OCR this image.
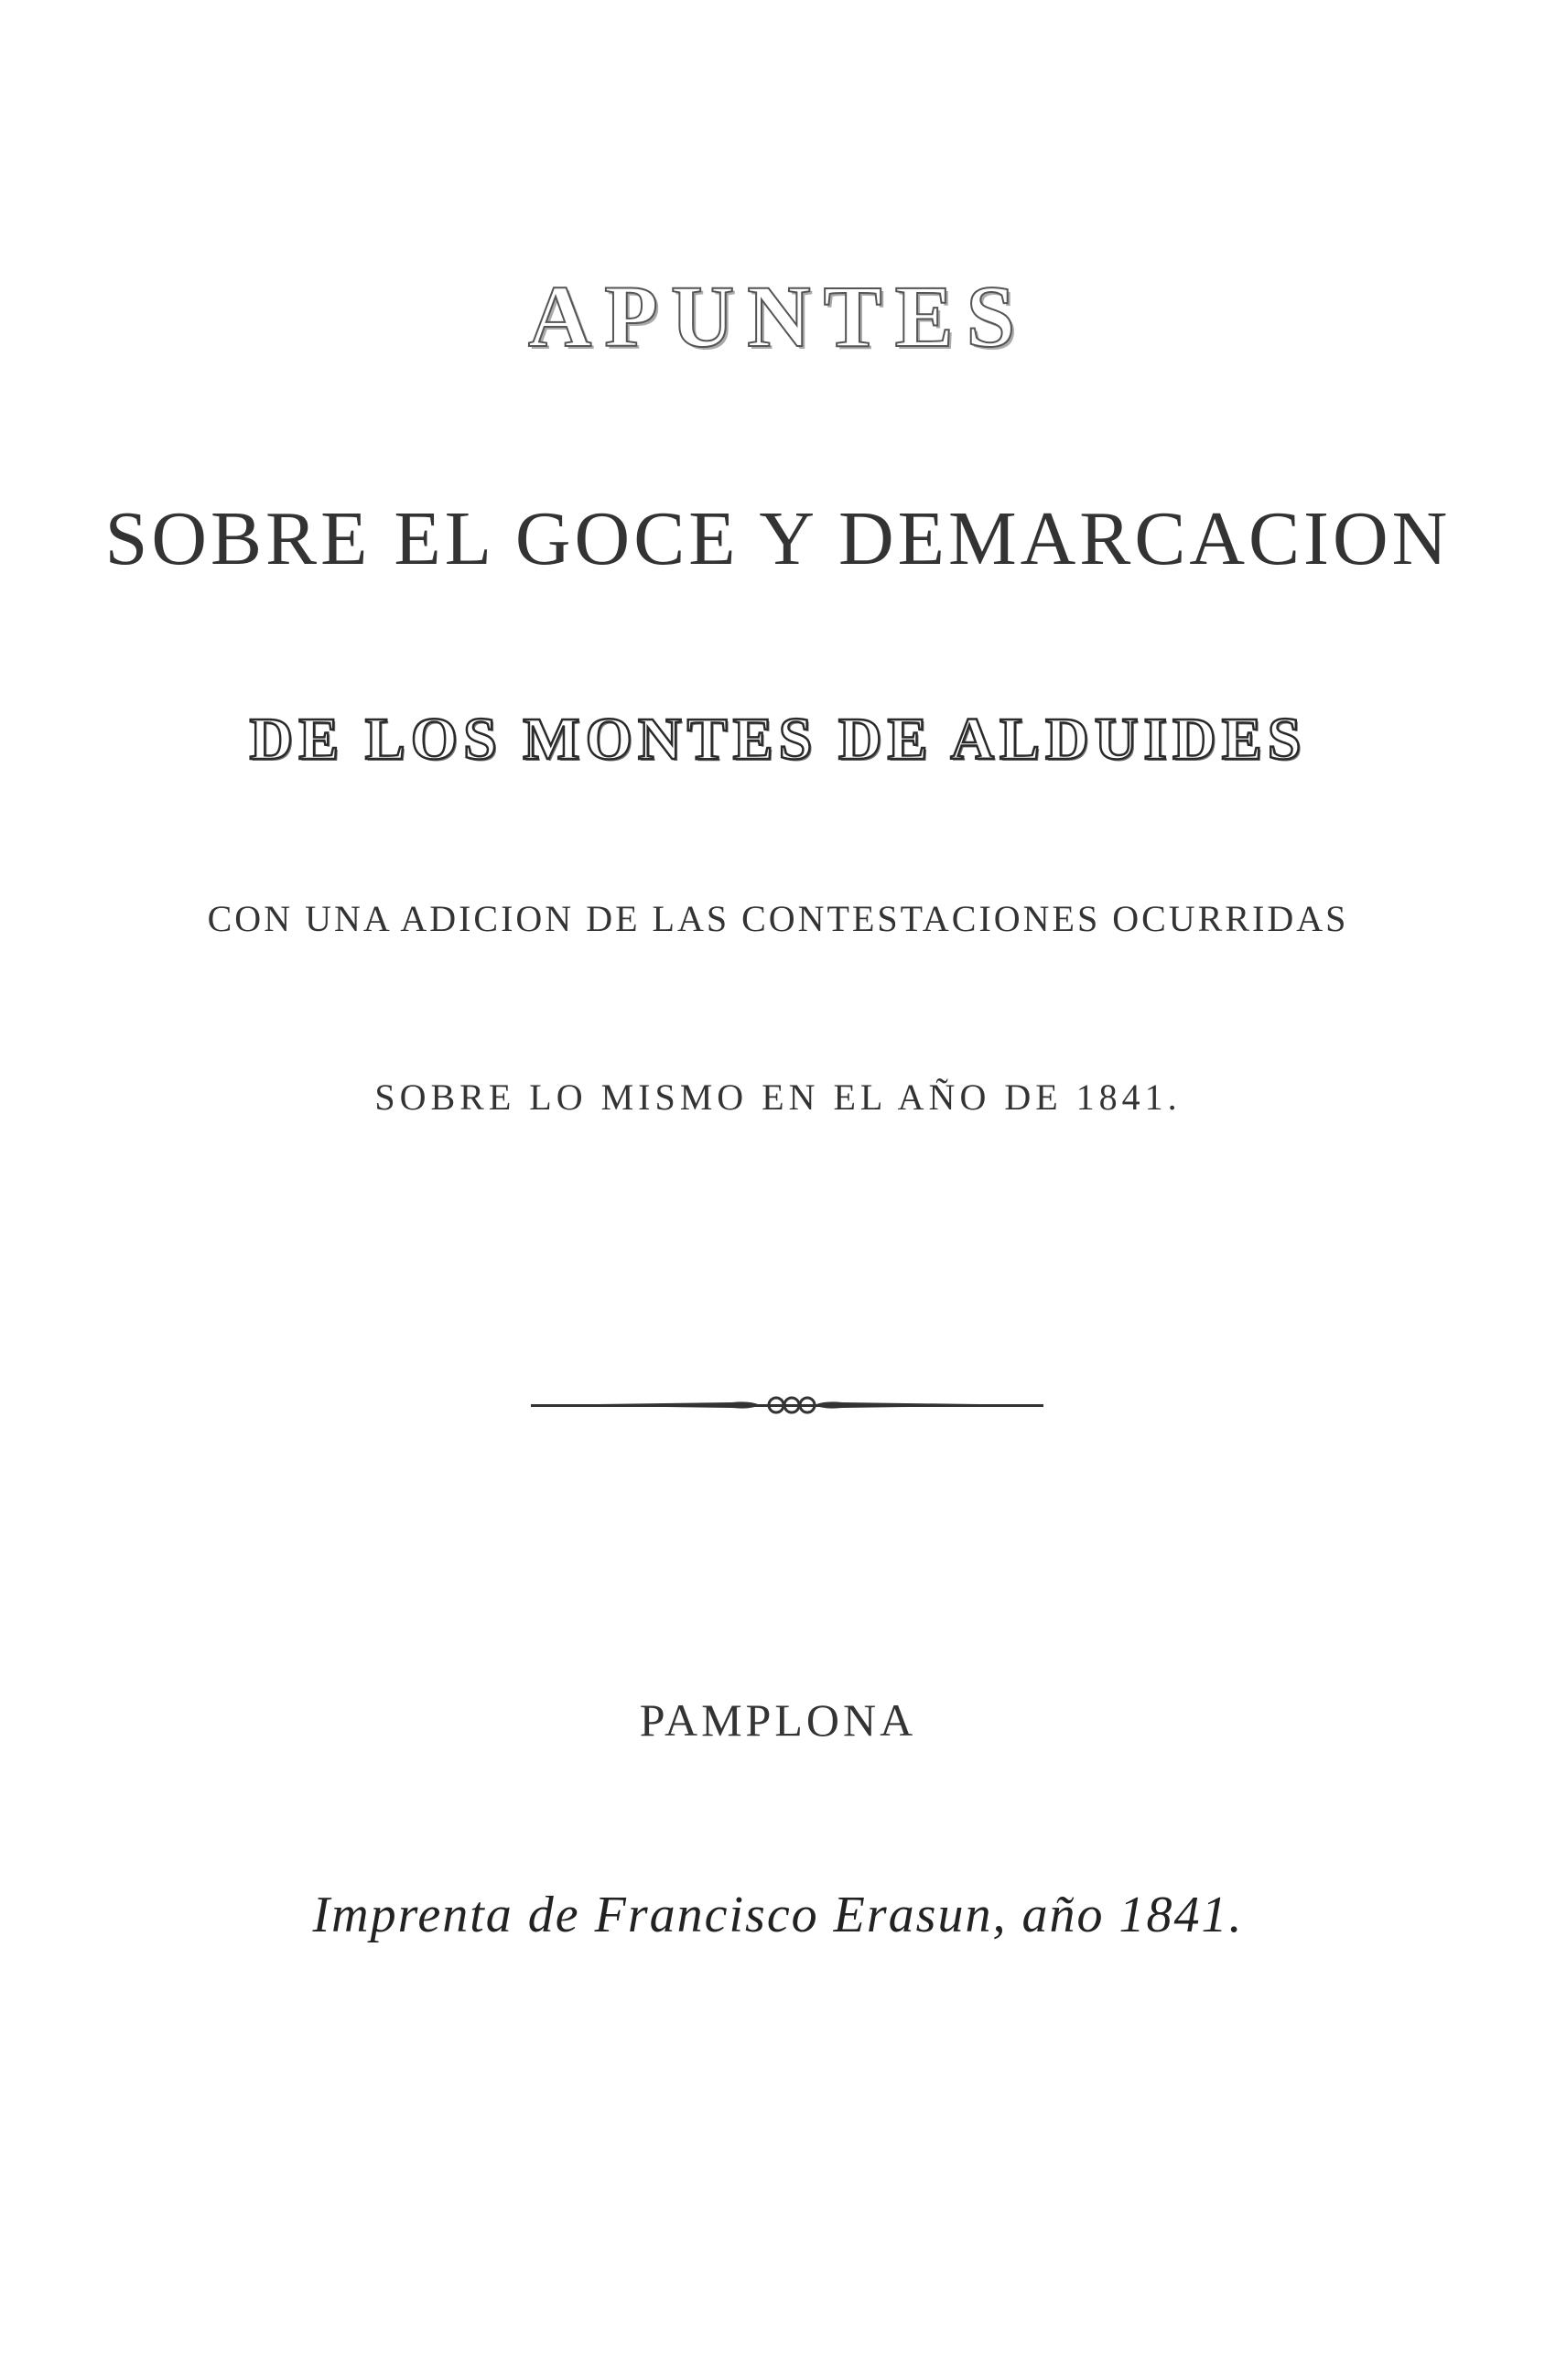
APUNTES
SOBRE EL GOCE Y DEMARCACION
DE LOS MONTES DE ALDUIDES
CON UNA ADICION DE LAS CONTESTACIONES OCURRIDAS
SOBRE LO MISMO EN EL AÑO DE 1841.
PAMPLONA
Imprenta de Francisco Erasun, año 1841.
